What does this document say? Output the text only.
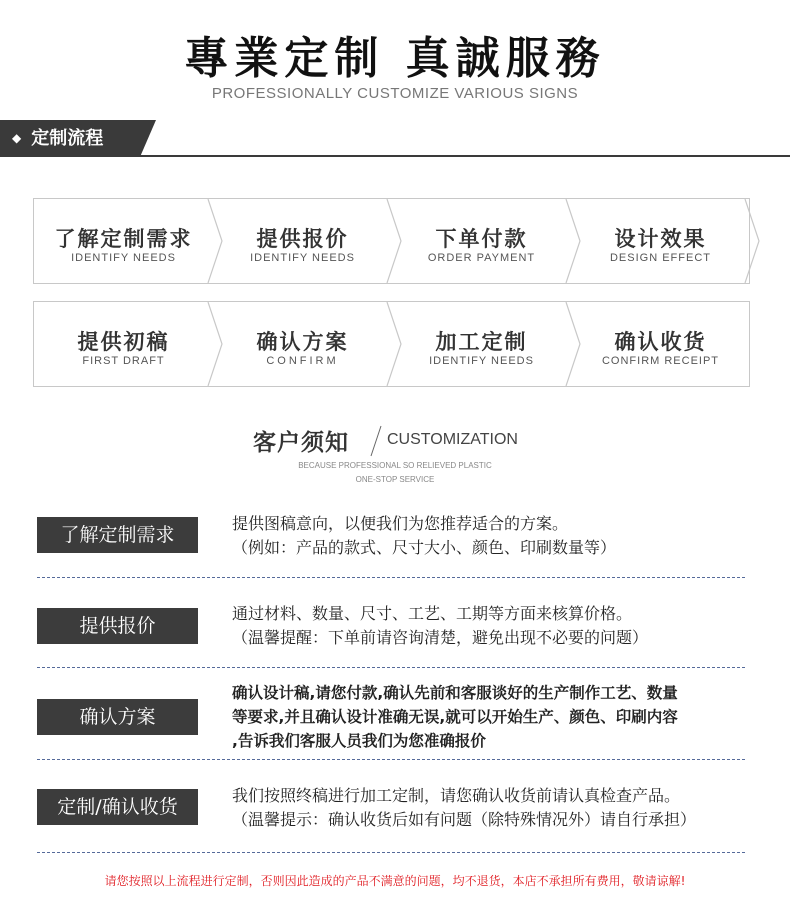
專業定制 真誠服務
PROFESSIONALLY CUSTOMIZE VARIOUS SIGNS
◆ 定制流程
了解定制需求
IDENTIFY NEEDS
提供报价
IDENTIFY NEEDS
下单付款
ORDER PAYMENT
设计效果
DESIGN EFFECT
提供初稿
FIRST DRAFT
确认方案
CONFIRM
加工定制
IDENTIFY NEEDS
确认收货
CONFIRM RECEIPT
客户须知 CUSTOMIZATION
BECAUSE PROFESSIONAL SO RELIEVED PLASTIC
ONE-STOP SERVICE
了解定制需求
提供图稿意向，以便我们为您推荐适合的方案。
（例如：产品的款式、尺寸大小、颜色、印刷数量等）
提供报价
通过材料、数量、尺寸、工艺、工期等方面来核算价格。
（温馨提醒：下单前请咨询清楚，避免出现不必要的问题）
确认方案
确认设计稿,请您付款,确认先前和客服谈好的生产制作工艺、数量
等要求,并且确认设计准确无误,就可以开始生产、颜色、印刷内容
,告诉我们客服人员我们为您准确报价
定制/确认收货
我们按照终稿进行加工定制，请您确认收货前请认真检查产品。
（温馨提示：确认收货后如有问题（除特殊情况外）请自行承担）
请您按照以上流程进行定制，否则因此造成的产品不满意的问题，均不退货，本店不承担所有费用，敬请谅解!
